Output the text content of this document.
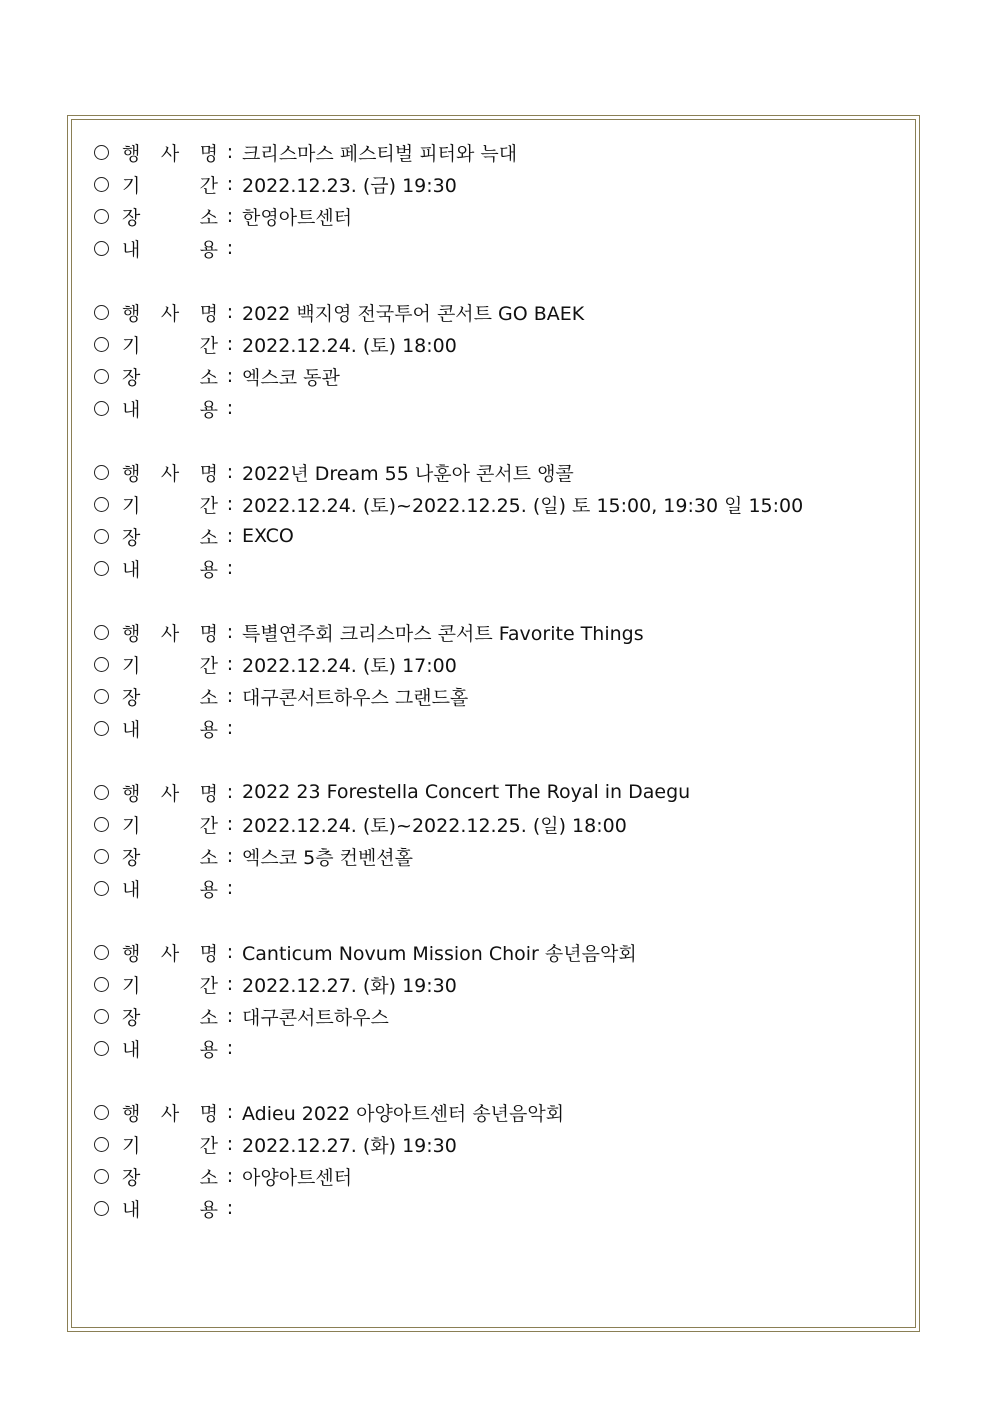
행 사 명 : 크리스마스 페스티벌 피터와 늑대
기	간 : 2022.12.23. (금) 19:30
장	소 : 한영아트센터
내	용 :
행 사 명 : 2022 백지영 전국투어 콘서트 GO BAEK
기	간 : 2022.12.24. (토) 18:00
장	소 : 엑스코 동관
내	용 :
행 사 명 : 2022년 Dream 55 나훈아 콘서트 앵콜
기	간 : 2022.12.24. (토)~2022.12.25. (일) 토 15:00, 19:30 일 15:00
장	소 : EXCO
내	용 :
행 사 명 : 특별연주회 크리스마스 콘서트 Favorite Things
기	간 : 2022.12.24. (토) 17:00
장	소 : 대구콘서트하우스 그랜드홀
내	용 :
행 사 명 : 2022 23 Forestella Concert The Royal in Daegu
기	간 : 2022.12.24. (토)~2022.12.25. (일) 18:00
장	소 : 엑스코 5층 컨벤션홀
내	용 :
행 사 명 : Canticum Novum Mission Choir 송년음악회
기	간 : 2022.12.27. (화) 19:30
장	소 : 대구콘서트하우스
내	용 :
행 사 명 : Adieu 2022 아양아트센터 송년음악회
기	간 : 2022.12.27. (화) 19:30
장	소 : 아양아트센터
내	용 :
